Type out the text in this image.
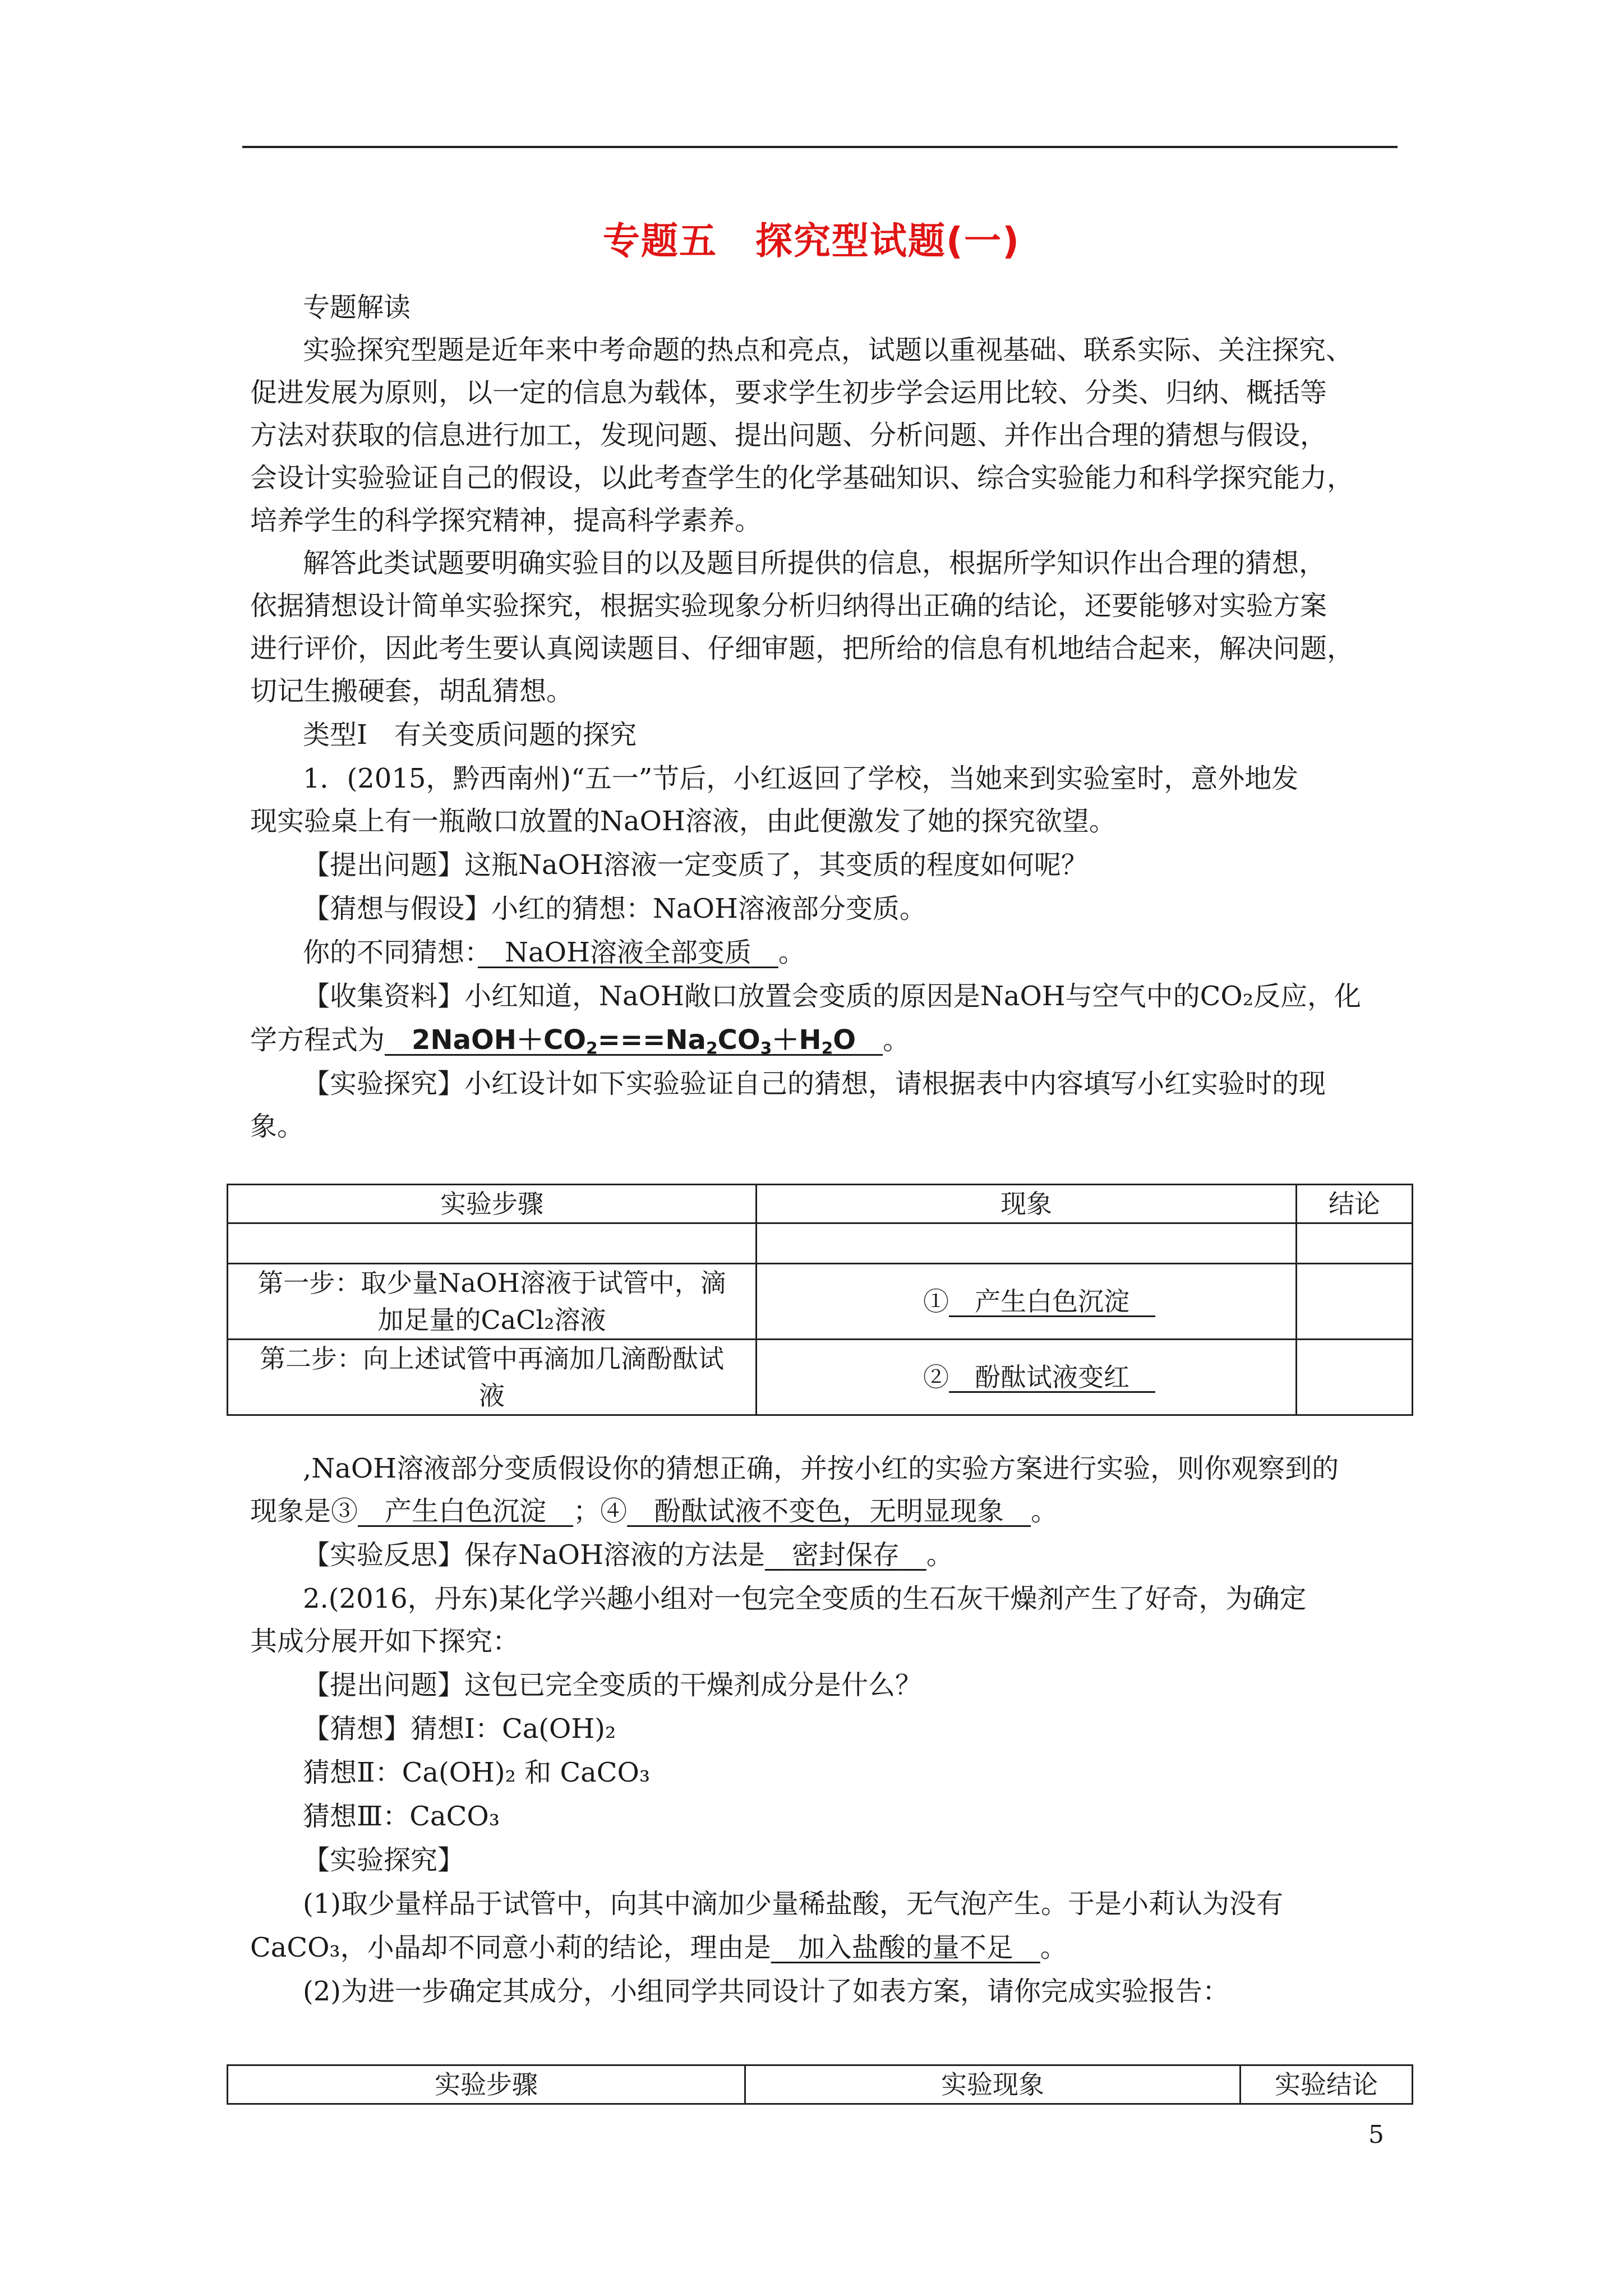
专题五　探究型试题(一)
专题解读
实验探究型题是近年来中考命题的热点和亮点，试题以重视基础、联系实际、关注探究、
促进发展为原则，以一定的信息为载体，要求学生初步学会运用比较、分类、归纳、概括等
方法对获取的信息进行加工，发现问题、提出问题、分析问题、并作出合理的猜想与假设，
会设计实验验证自己的假设，以此考查学生的化学基础知识、综合实验能力和科学探究能力，
培养学生的科学探究精神，提高科学素养。
解答此类试题要明确实验目的以及题目所提供的信息，根据所学知识作出合理的猜想，
依据猜想设计简单实验探究，根据实验现象分析归纳得出正确的结论，还要能够对实验方案
进行评价，因此考生要认真阅读题目、仔细审题，把所给的信息有机地结合起来，解决问题，
切记生搬硬套，胡乱猜想。
类型Ⅰ　有关变质问题的探究
1．(2015，黔西南州)“五一”节后，小红返回了学校，当她来到实验室时，意外地发
现实验桌上有一瓶敞口放置的NaOH溶液，由此便激发了她的探究欲望。
【提出问题】这瓶NaOH溶液一定变质了，其变质的程度如何呢？
【猜想与假设】小红的猜想：NaOH溶液部分变质。
你的不同猜想：　 NaOH溶液全部变质　 。
【收集资料】小红知道，NaOH敞口放置会变质的原因是NaOH与空气中的CO₂反应，化
学方程式为　 $2NaOH+CO_2===Na_2CO_3+H_2O$　 。
【实验探究】小红设计如下实验验证自己的猜想，请根据表中内容填写小红实验时的现
象。
实验步骤	现象	结论

第一步：取少量NaOH溶液于试管中，滴
加足量的CaCl₂溶液	①　 产生白色沉淀　	
第二步：向上述试管中再滴加几滴酚酞试
液	②　 酚酞试液变红　	
,NaOH溶液部分变质假设你的猜想正确，并按小红的实验方案进行实验，则你观察到的
现象是③　 产生白色沉淀　 ；④　 酚酞试液不变色，无明显现象　 。
【实验反思】保存NaOH溶液的方法是　 密封保存　 。
2.(2016，丹东)某化学兴趣小组对一包完全变质的生石灰干燥剂产生了好奇，为确定
其成分展开如下探究：
【提出问题】这包已完全变质的干燥剂成分是什么？
【猜想】猜想Ⅰ：Ca(OH)₂
猜想Ⅱ：Ca(OH)₂ 和 CaCO₃
猜想Ⅲ：CaCO₃
【实验探究】
(1)取少量样品于试管中，向其中滴加少量稀盐酸，无气泡产生。于是小莉认为没有
CaCO₃，小晶却不同意小莉的结论，理由是　 加入盐酸的量不足　 。
(2)为进一步确定其成分，小组同学共同设计了如表方案，请你完成实验报告：
实验步骤	实验现象	实验结论
5
